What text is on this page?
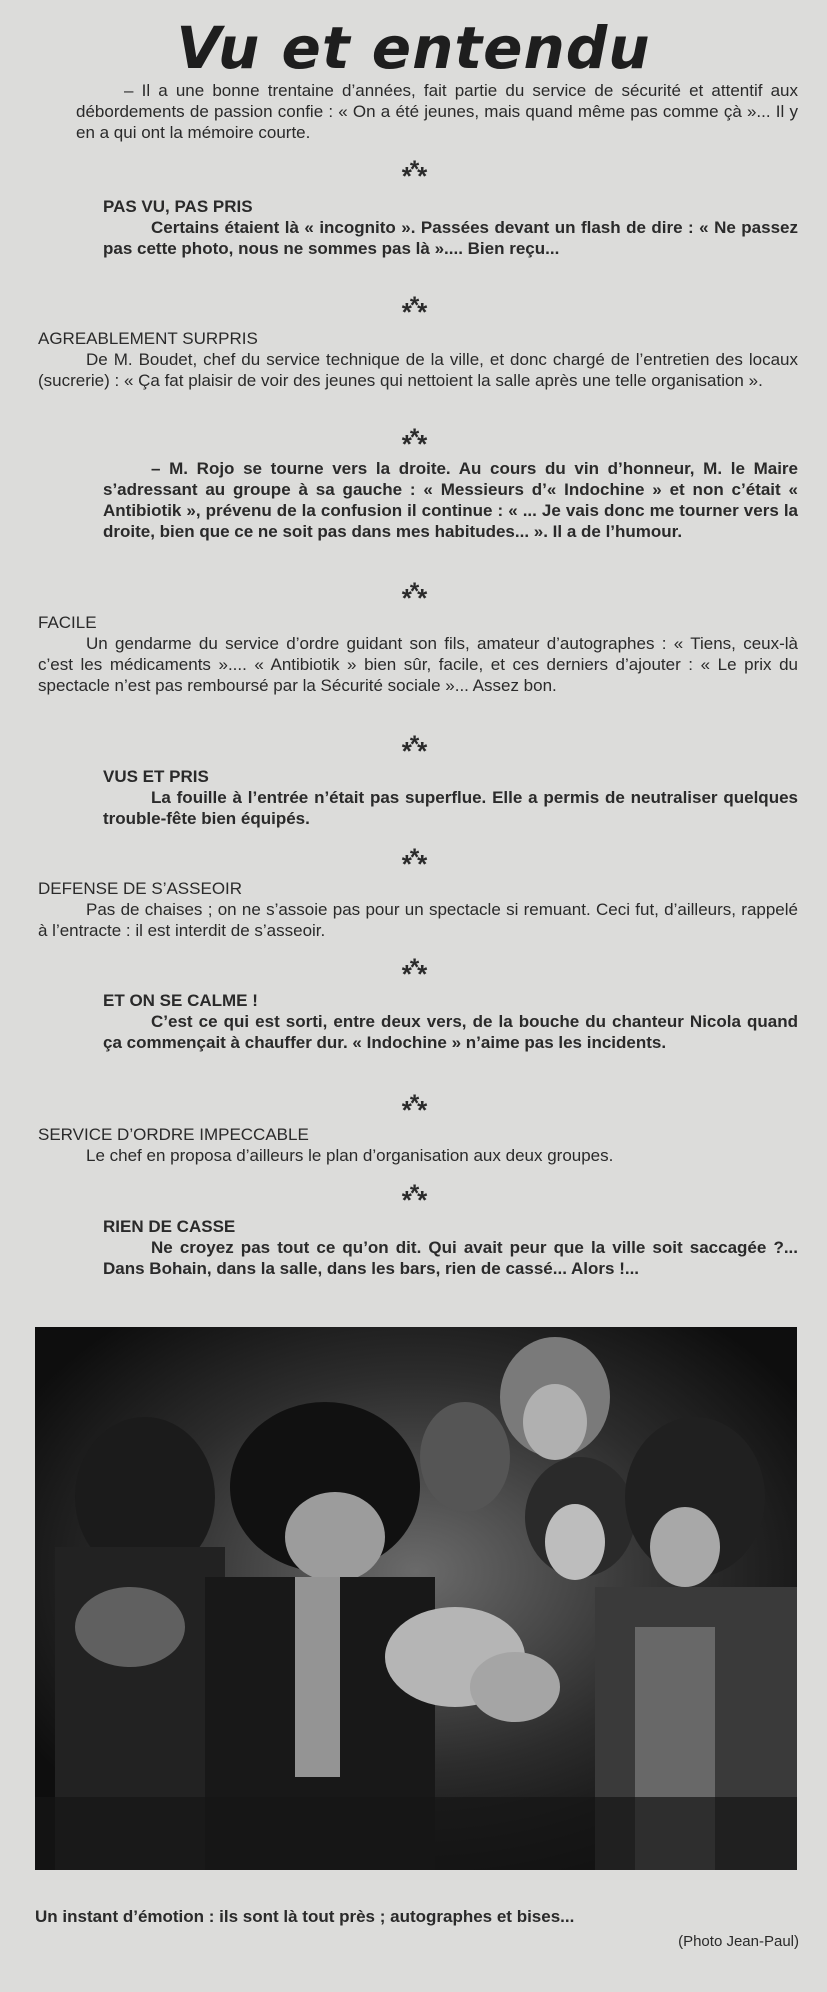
Vu et entendu

– Il a une bonne trentaine d’années, fait partie du service de sécurité et attentif aux débordements de passion confie : « On a été jeunes, mais quand même pas comme çà »... Il y en a qui ont la mémoire courte.

***

PAS VU, PAS PRIS

Certains étaient là « incognito ». Passées devant un flash de dire : « Ne passez pas cette photo, nous ne sommes pas là ».... Bien reçu...

***

AGREABLEMENT SURPRIS

De M. Boudet, chef du service technique de la ville, et donc chargé de l’entretien des locaux (sucrerie) : « Ça fat plaisir de voir des jeunes qui nettoient la salle après une telle organisation ».

***

– M. Rojo se tourne vers la droite. Au cours du vin d’honneur, M. le Maire s’adressant au groupe à sa gauche : « Messieurs d’« Indochine » et non c’était « Antibiotik », prévenu de la confusion il continue : « ... Je vais donc me tourner vers la droite, bien que ce ne soit pas dans mes habitudes... ». Il a de l’humour.

***

FACILE

Un gendarme du service d’ordre guidant son fils, amateur d’autographes : « Tiens, ceux-là c’est les médicaments ».... « Antibiotik » bien sûr, facile, et ces derniers d’ajouter : « Le prix du spectacle n’est pas remboursé par la Sécurité sociale »... Assez bon.

***

VUS ET PRIS

La fouille à l’entrée n’était pas superflue. Elle a permis de neutraliser quelques trouble-fête bien équipés.

***

DEFENSE DE S’ASSEOIR

Pas de chaises ; on ne s’assoie pas pour un spectacle si remuant. Ceci fut, d’ailleurs, rappelé à l’entracte : il est interdit de s’asseoir.

***

ET ON SE CALME !

C’est ce qui est sorti, entre deux vers, de la bouche du chanteur Nicola quand ça commençait à chauffer dur. « Indochine » n’aime pas les incidents.

***

SERVICE D’ORDRE IMPECCABLE

Le chef en proposa d’ailleurs le plan d’organisation aux deux groupes.

***

RIEN DE CASSE

Ne croyez pas tout ce qu’on dit. Qui avait peur que la ville soit saccagée ?... Dans Bohain, dans la salle, dans les bars, rien de cassé... Alors !...

Un instant d’émotion : ils sont là tout près ; autographes et bises...

(Photo Jean-Paul)
